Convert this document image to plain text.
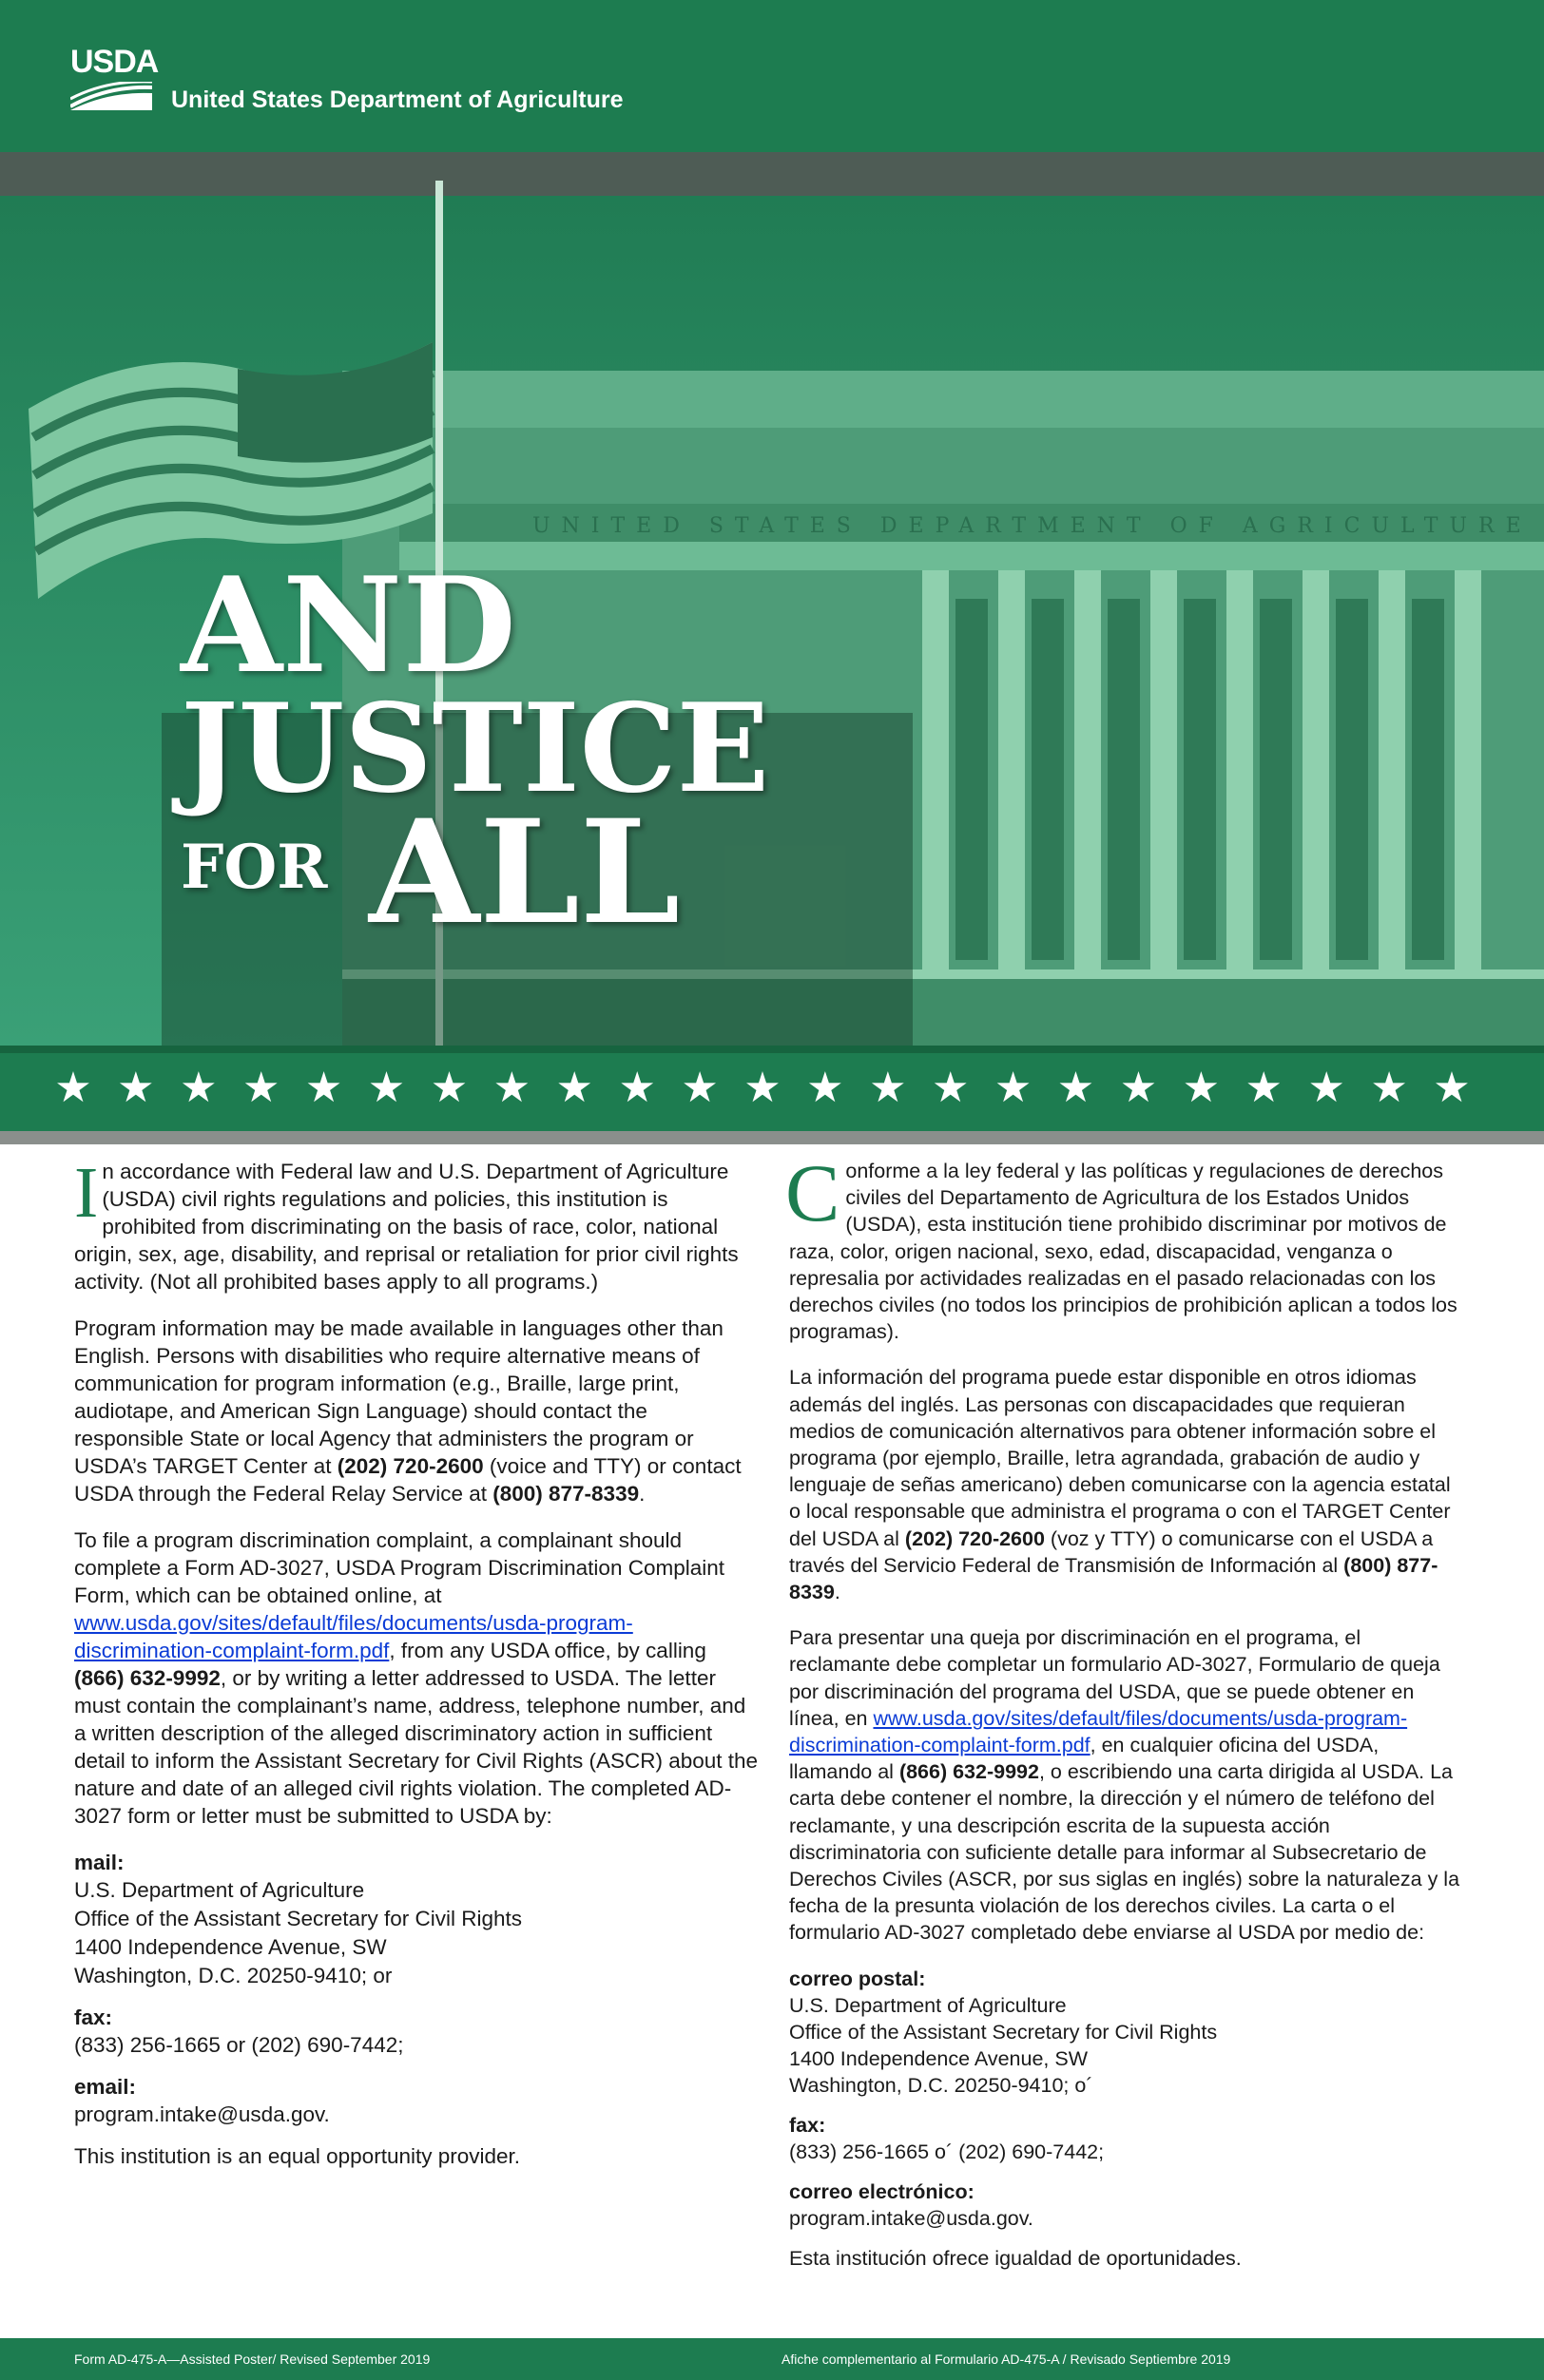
USDA

United States Department of Agriculture

UNITED STATES DEPARTMENT OF AGRICULTURE
AND
JUSTICE
FOR ALL
★ ★ ★ ★ ★ ★ ★ ★ ★ ★ ★ ★ ★ ★ ★ ★ ★ ★ ★ ★ ★ ★ ★

In accordance with Federal law and U.S. Department of Agriculture (USDA) civil rights regulations and policies, this institution is prohibited from discriminating on the basis of race, color, national origin, sex, age, disability, and reprisal or retaliation for prior civil rights activity. (Not all prohibited bases apply to all programs.)

Program information may be made available in languages other than English. Persons with disabilities who require alternative means of communication for program information (e.g., Braille, large print, audiotape, and American Sign Language) should contact the responsible State or local Agency that administers the program or USDA’s TARGET Center at (202) 720-2600 (voice and TTY) or contact USDA through the Federal Relay Service at (800) 877-8339.

To file a program discrimination complaint, a complainant should complete a Form AD-3027, USDA Program Discrimination Complaint Form, which can be obtained online, at www.usda.gov/sites/default/files/documents/usda-program-discrimination-complaint-form.pdf, from any USDA office, by calling (866) 632-9992, or by writing a letter addressed to USDA. The letter must contain the complainant’s name, address, telephone number, and a written description of the alleged discriminatory action in sufficient detail to inform the Assistant Secretary for Civil Rights (ASCR) about the nature and date of an alleged civil rights violation. The completed AD-3027 form or letter must be submitted to USDA by:

mail:

U.S. Department of Agriculture

Office of the Assistant Secretary for Civil Rights

1400 Independence Avenue, SW

Washington, D.C. 20250-9410; or

fax:

(833) 256-1665 or (202) 690-7442;

email:

program.intake@usda.gov.

This institution is an equal opportunity provider.

Conforme a la ley federal y las políticas y regulaciones de derechos civiles del Departamento de Agricultura de los Estados Unidos (USDA), esta institución tiene prohibido discriminar por motivos de raza, color, origen nacional, sexo, edad, discapacidad, venganza o represalia por actividades realizadas en el pasado relacionadas con los derechos civiles (no todos los principios de prohibición aplican a todos los programas).

La información del programa puede estar disponible en otros idiomas además del inglés. Las personas con discapacidades que requieran medios de comunicación alternativos para obtener información sobre el programa (por ejemplo, Braille, letra agrandada, grabación de audio y lenguaje de señas americano) deben comunicarse con la agencia estatal o local responsable que administra el programa o con el TARGET Center del USDA al (202) 720-2600 (voz y TTY) o comunicarse con el USDA a través del Servicio Federal de Transmisión de Información al (800) 877-8339.

Para presentar una queja por discriminación en el programa, el reclamante debe completar un formulario AD-3027, Formulario de queja por discriminación del programa del USDA, que se puede obtener en línea, en www.usda.gov/sites/default/files/documents/usda-program-discrimination-complaint-form.pdf, en cualquier oficina del USDA, llamando al (866) 632-9992, o escribiendo una carta dirigida al USDA. La carta debe contener el nombre, la dirección y el número de teléfono del reclamante, y una descripción escrita de la supuesta acción discriminatoria con suficiente detalle para informar al Subsecretario de Derechos Civiles (ASCR, por sus siglas en inglés) sobre la naturaleza y la fecha de la presunta violación de los derechos civiles. La carta o el formulario AD-3027 completado debe enviarse al USDA por medio de:

correo postal:

U.S. Department of Agriculture

Office of the Assistant Secretary for Civil Rights

1400 Independence Avenue, SW

Washington, D.C. 20250-9410; o´

fax:

(833) 256-1665 o´ (202) 690-7442;

correo electrónico:

program.intake@usda.gov.

Esta institución ofrece igualdad de oportunidades.

Form AD-475-A—Assisted Poster/ Revised September 2019	Afiche complementario al Formulario AD-475-A / Revisado Septiembre 2019
